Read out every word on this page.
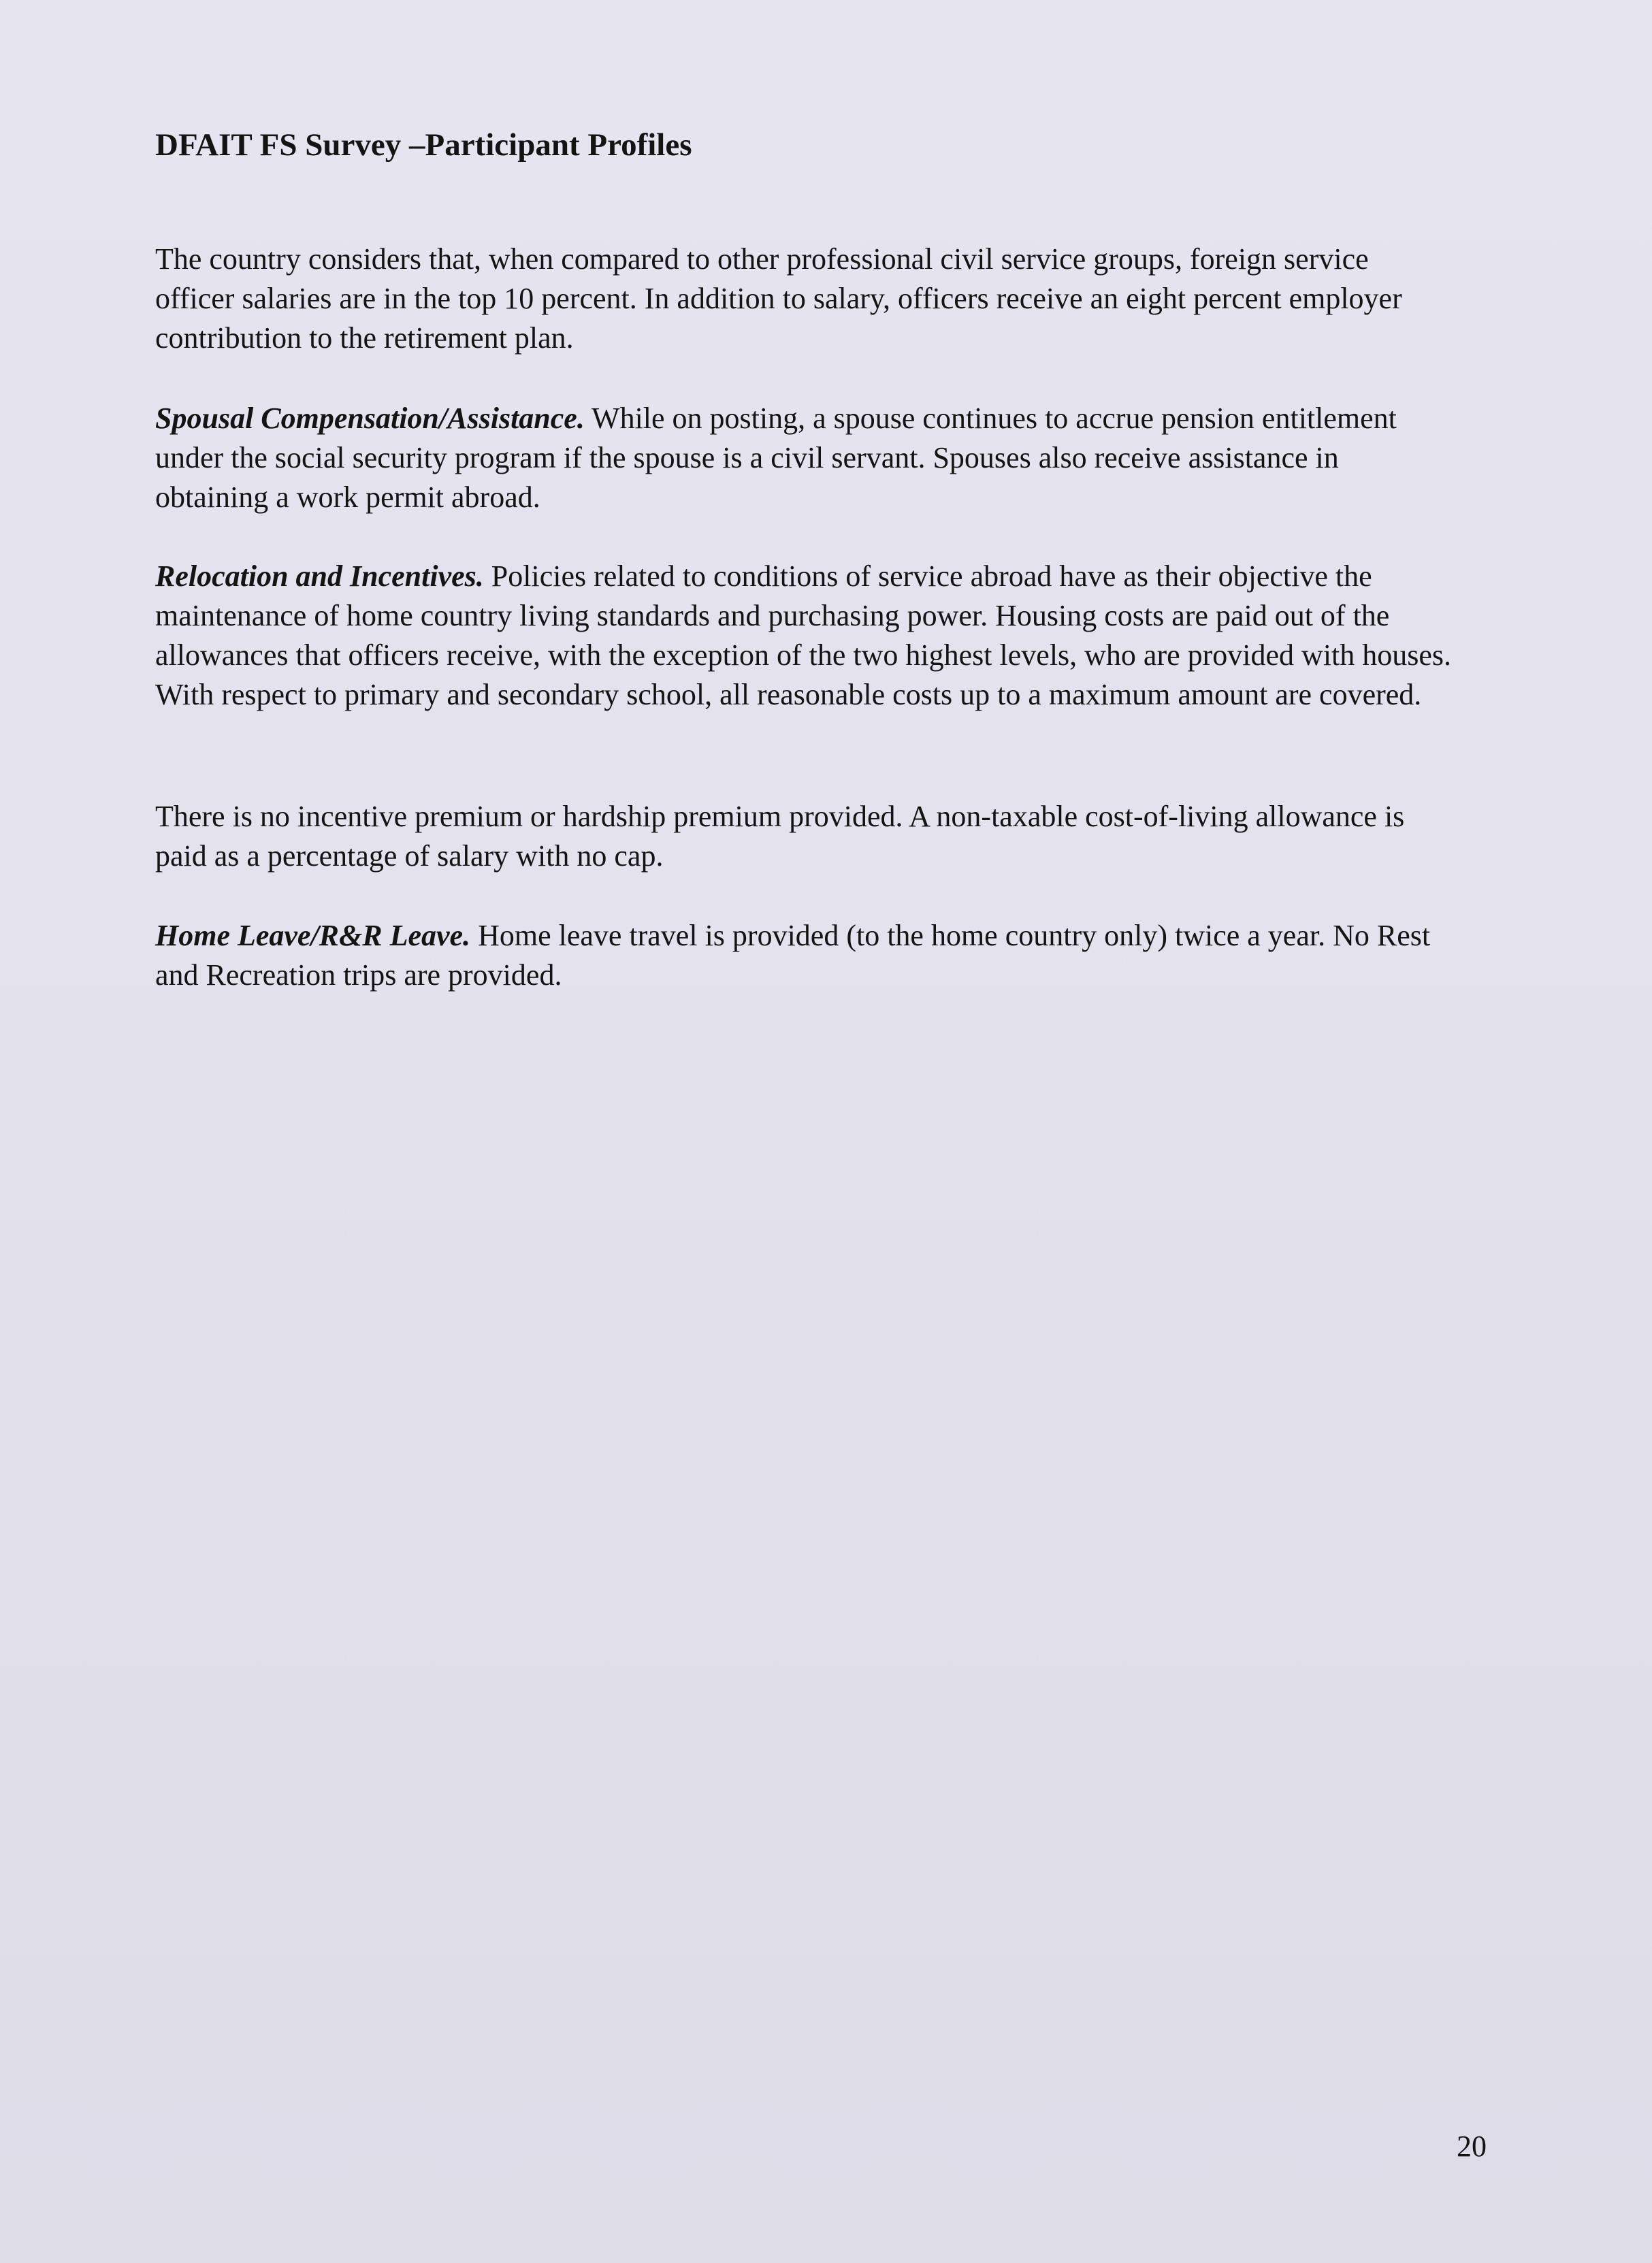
DFAIT FS Survey –Participant Profiles

The country considers that, when compared to other professional civil service groups, foreign service officer salaries are in the top 10 percent. In addition to salary, officers receive an eight percent employer contribution to the retirement plan.

Spousal Compensation/Assistance. While on posting, a spouse continues to accrue pension entitlement under the social security program if the spouse is a civil servant. Spouses also receive assistance in obtaining a work permit abroad.

Relocation and Incentives. Policies related to conditions of service abroad have as their objective the maintenance of home country living standards and purchasing power. Housing costs are paid out of the allowances that officers receive, with the exception of the two highest levels, who are provided with houses. With respect to primary and secondary school, all reasonable costs up to a maximum amount are covered.

There is no incentive premium or hardship premium provided. A non-taxable cost-of-living allowance is paid as a percentage of salary with no cap.

Home Leave/R&R Leave. Home leave travel is provided (to the home country only) twice a year. No Rest and Recreation trips are provided.

20
